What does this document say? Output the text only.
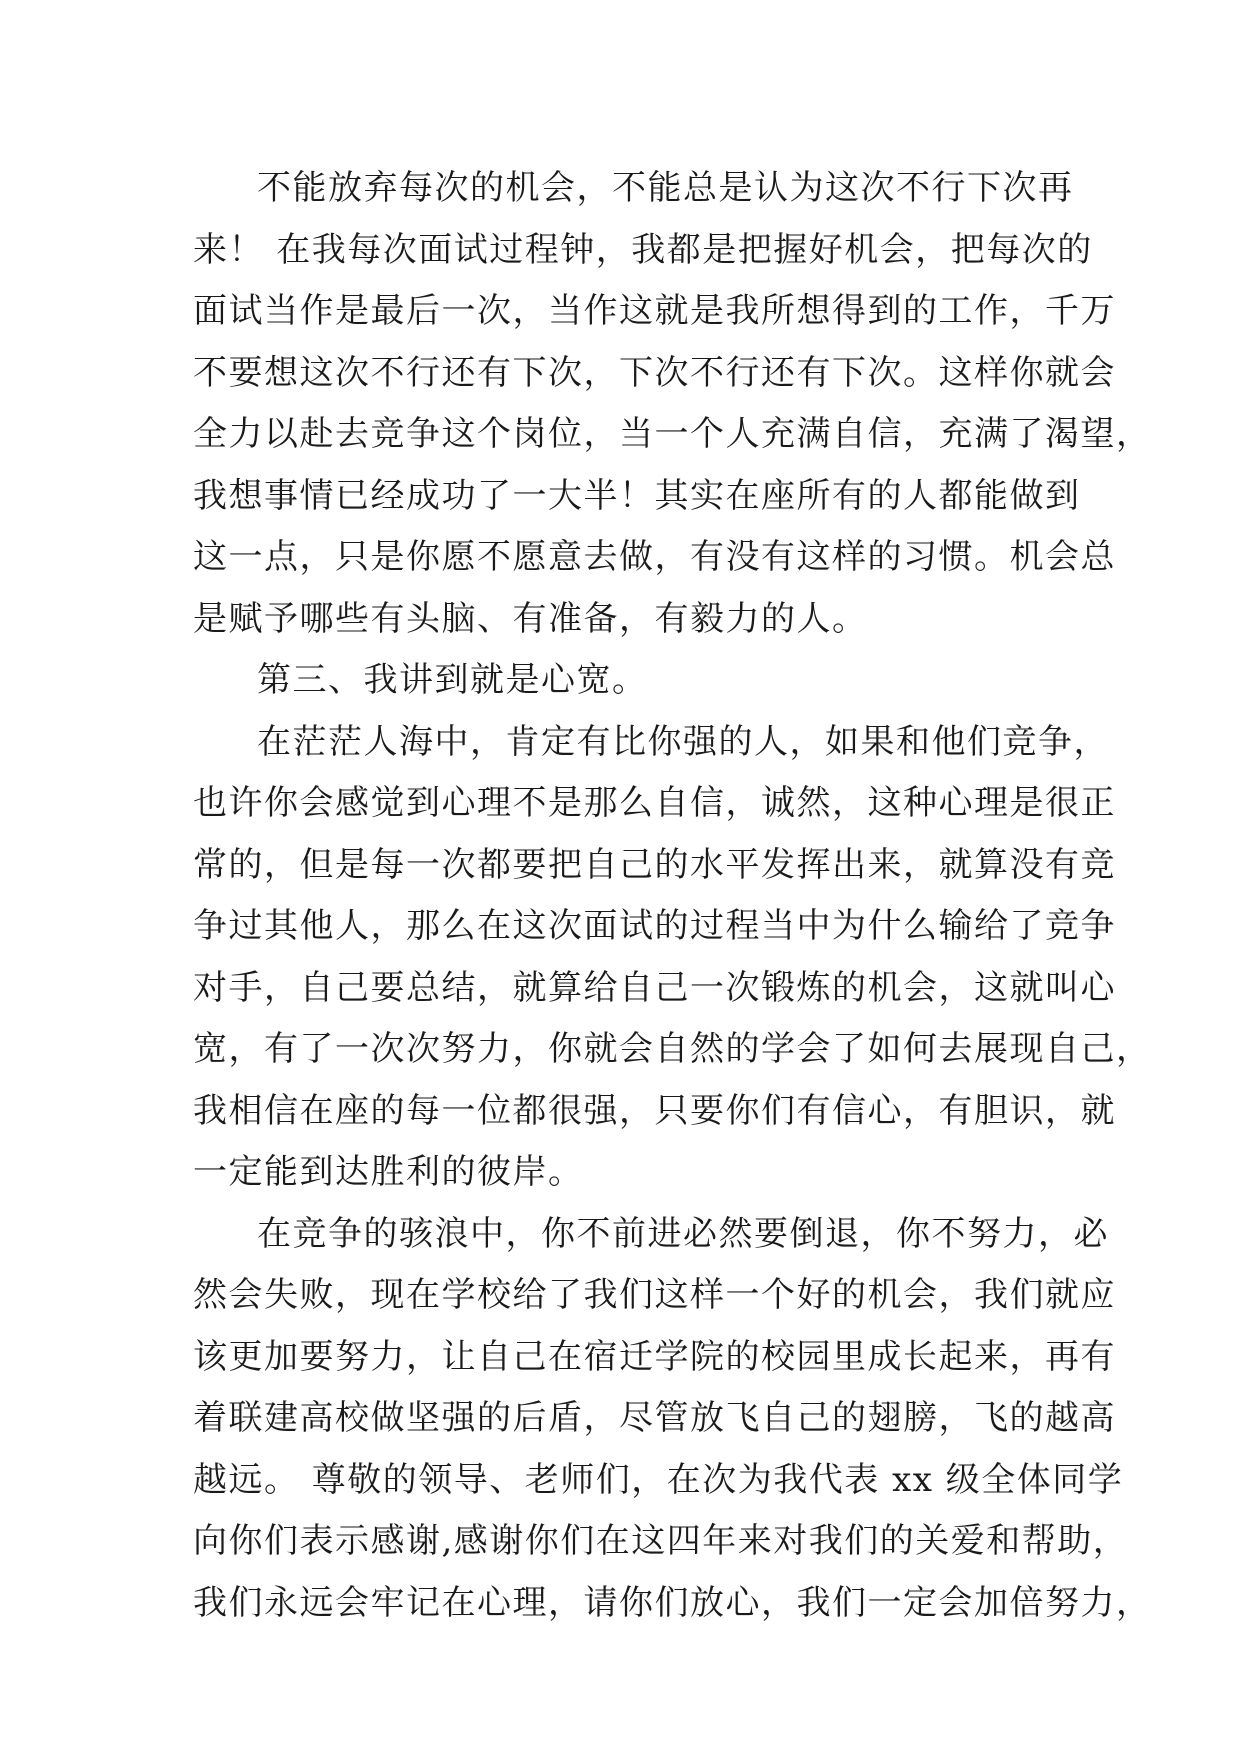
不能放弃每次的机会，不能总是认为这次不行下次再
来！ 在我每次面试过程钟，我都是把握好机会，把每次的
面试当作是最后一次，当作这就是我所想得到的工作，千万
不要想这次不行还有下次，下次不行还有下次。这样你就会
全力以赴去竞争这个岗位，当一个人充满自信，充满了渴望，
我想事情已经成功了一大半！其实在座所有的人都能做到
这一点，只是你愿不愿意去做，有没有这样的习惯。机会总
是赋予哪些有头脑、有准备，有毅力的人。
第三、我讲到就是心宽。
在茫茫人海中，肯定有比你强的人，如果和他们竞争，
也许你会感觉到心理不是那么自信，诚然，这种心理是很正
常的，但是每一次都要把自己的水平发挥出来，就算没有竞
争过其他人，那么在这次面试的过程当中为什么输给了竞争
对手，自己要总结，就算给自己一次锻炼的机会，这就叫心
宽，有了一次次努力，你就会自然的学会了如何去展现自己，
我相信在座的每一位都很强，只要你们有信心，有胆识，就
一定能到达胜利的彼岸。
在竞争的骇浪中，你不前进必然要倒退，你不努力，必
然会失败，现在学校给了我们这样一个好的机会，我们就应
该更加要努力，让自己在宿迁学院的校园里成长起来，再有
着联建高校做坚强的后盾，尽管放飞自己的翅膀，飞的越高
越远。 尊敬的领导、老师们，在次为我代表 xx 级全体同学
向你们表示感谢,感谢你们在这四年来对我们的关爱和帮助，
我们永远会牢记在心理，请你们放心，我们一定会加倍努力，
